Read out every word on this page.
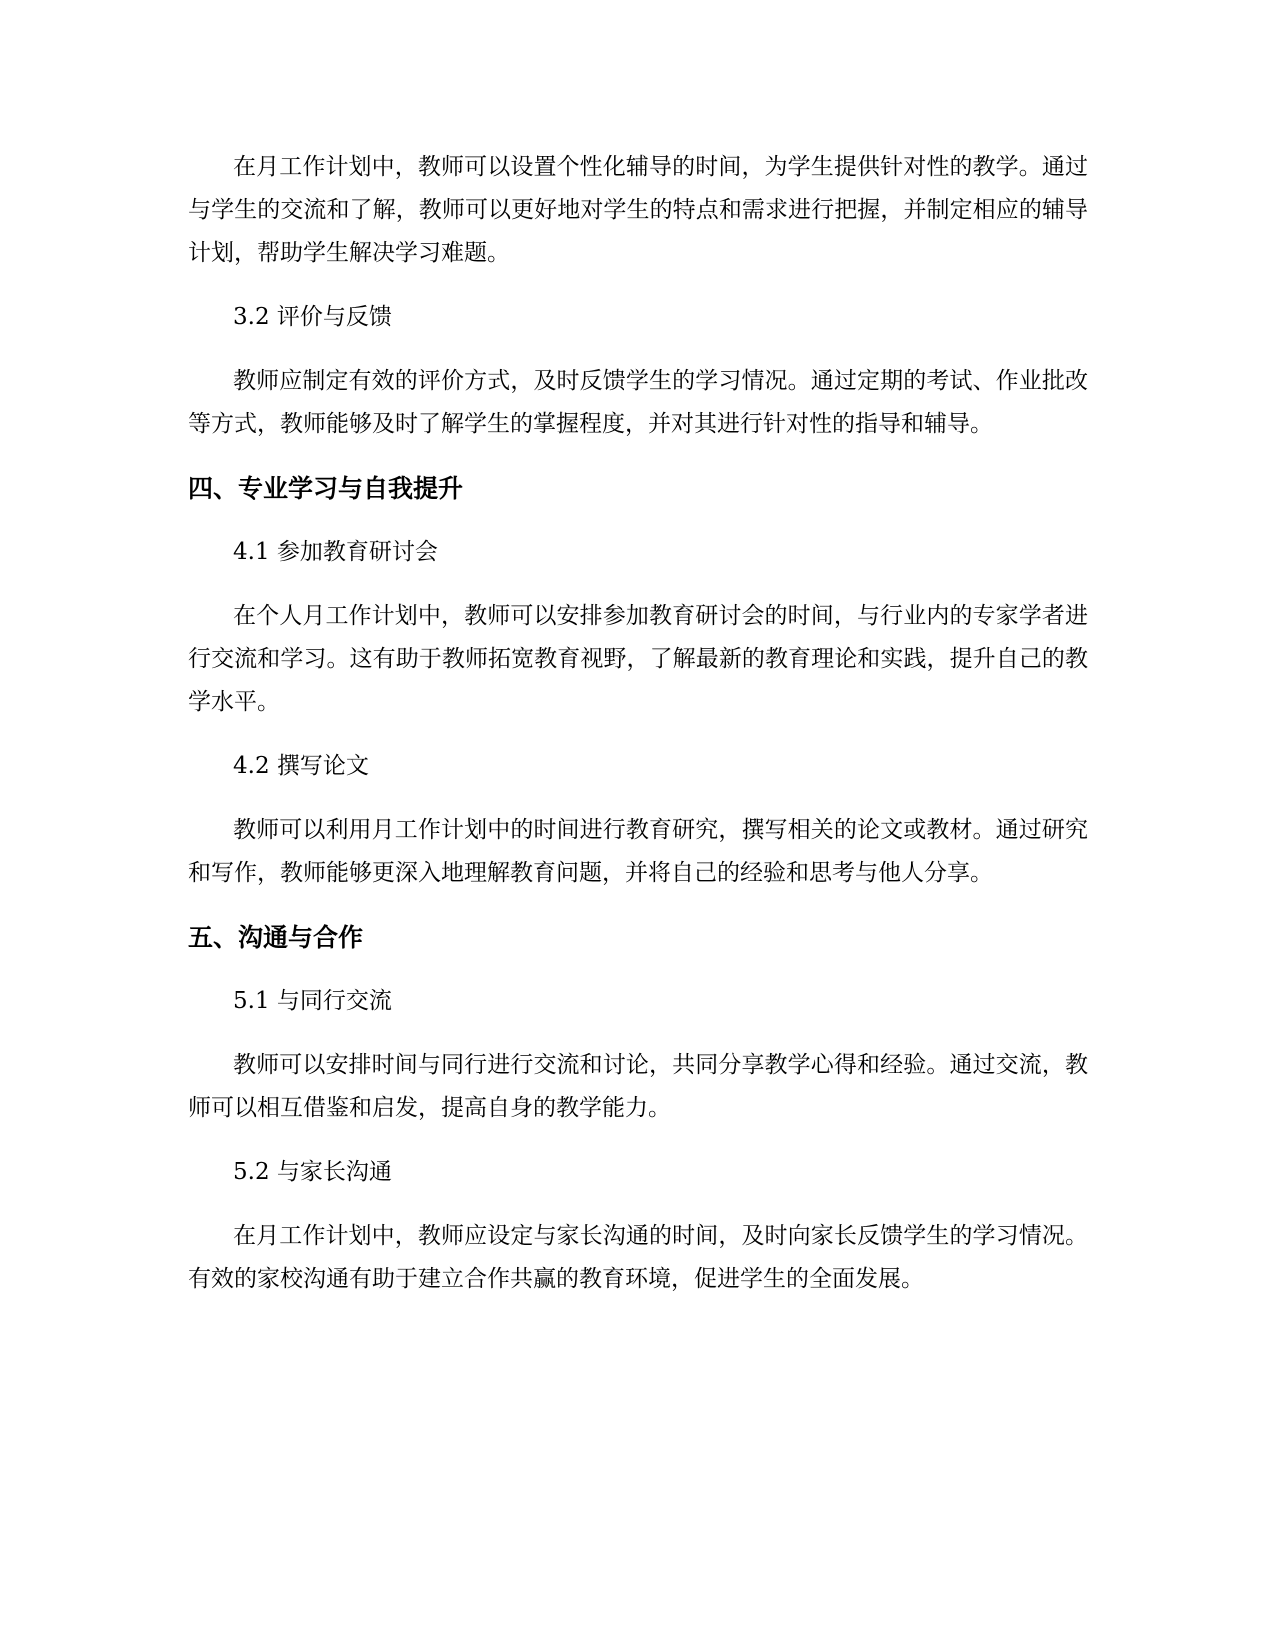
在月工作计划中，教师可以设置个性化辅导的时间，为学生提供针对性的教学。通过与学生的交流和了解，教师可以更好地对学生的特点和需求进行把握，并制定相应的辅导计划，帮助学生解决学习难题。

3.2 评价与反馈

教师应制定有效的评价方式，及时反馈学生的学习情况。通过定期的考试、作业批改等方式，教师能够及时了解学生的掌握程度，并对其进行针对性的指导和辅导。

四、专业学习与自我提升

4.1 参加教育研讨会

在个人月工作计划中，教师可以安排参加教育研讨会的时间，与行业内的专家学者进行交流和学习。这有助于教师拓宽教育视野，了解最新的教育理论和实践，提升自己的教学水平。

4.2 撰写论文

教师可以利用月工作计划中的时间进行教育研究，撰写相关的论文或教材。通过研究和写作，教师能够更深入地理解教育问题，并将自己的经验和思考与他人分享。

五、沟通与合作

5.1 与同行交流

教师可以安排时间与同行进行交流和讨论，共同分享教学心得和经验。通过交流，教师可以相互借鉴和启发，提高自身的教学能力。

5.2 与家长沟通

在月工作计划中，教师应设定与家长沟通的时间，及时向家长反馈学生的学习情况。有效的家校沟通有助于建立合作共赢的教育环境，促进学生的全面发展。
